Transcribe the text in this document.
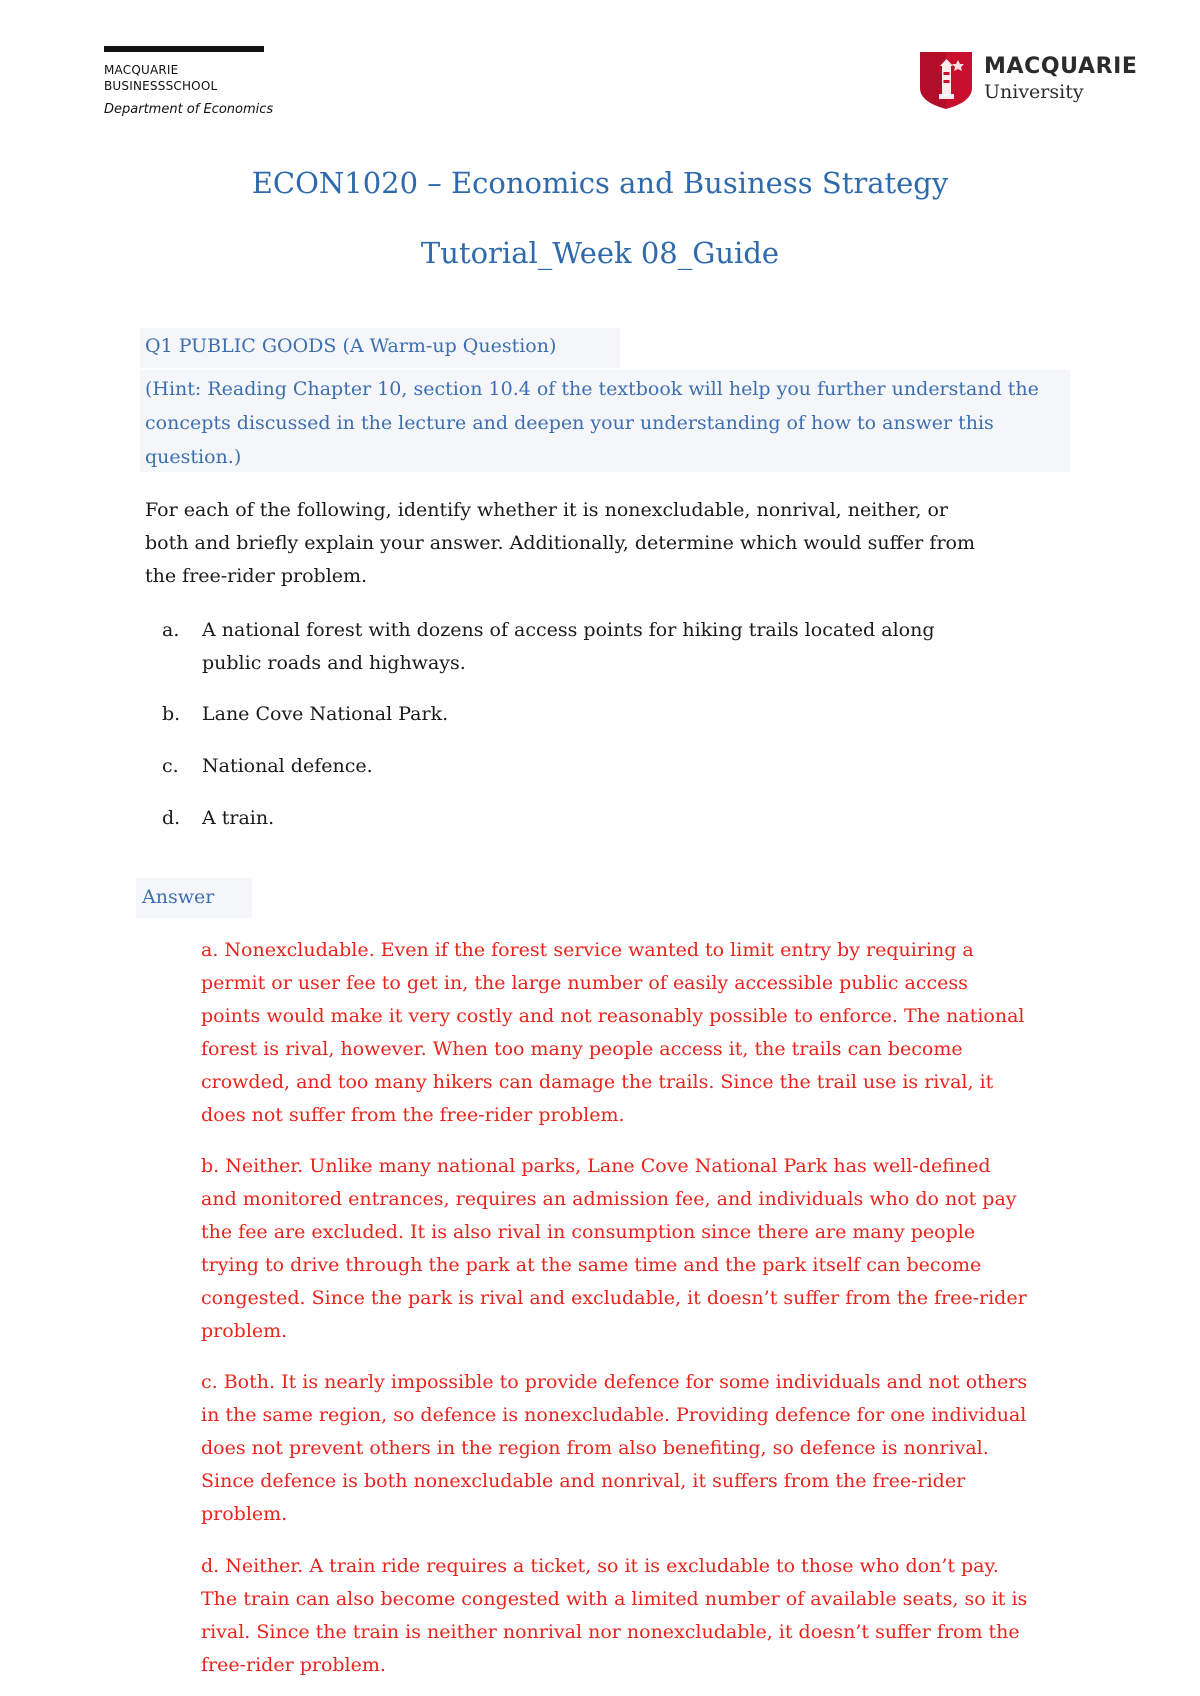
MACQUARIE
BUSINESSSCHOOL
Department of Economics
MACQUARIE
University
ECON1020 – Economics and Business Strategy
Tutorial_Week 08_Guide
Q1 PUBLIC GOODS (A Warm-up Question)
(Hint: Reading Chapter 10, section 10.4 of the textbook will help you further understand the concepts discussed in the lecture and deepen your understanding of how to answer this question.)
For each of the following, identify whether it is nonexcludable, nonrival, neither, or both and briefly explain your answer. Additionally, determine which would suffer from the free-rider problem.
a. A national forest with dozens of access points for hiking trails located along public roads and highways.
b. Lane Cove National Park.
c. National defence.
d. A train.
Answer
a. Nonexcludable. Even if the forest service wanted to limit entry by requiring a permit or user fee to get in, the large number of easily accessible public access points would make it very costly and not reasonably possible to enforce. The national forest is rival, however. When too many people access it, the trails can become crowded, and too many hikers can damage the trails. Since the trail use is rival, it does not suffer from the free-rider problem.
b. Neither. Unlike many national parks, Lane Cove National Park has well-defined and monitored entrances, requires an admission fee, and individuals who do not pay the fee are excluded. It is also rival in consumption since there are many people trying to drive through the park at the same time and the park itself can become congested. Since the park is rival and excludable, it doesn’t suffer from the free-rider problem.
c. Both. It is nearly impossible to provide defence for some individuals and not others in the same region, so defence is nonexcludable. Providing defence for one individual does not prevent others in the region from also benefiting, so defence is nonrival. Since defence is both nonexcludable and nonrival, it suffers from the free-rider problem.
d. Neither. A train ride requires a ticket, so it is excludable to those who don’t pay. The train can also become congested with a limited number of available seats, so it is rival. Since the train is neither nonrival nor nonexcludable, it doesn’t suffer from the free-rider problem.
